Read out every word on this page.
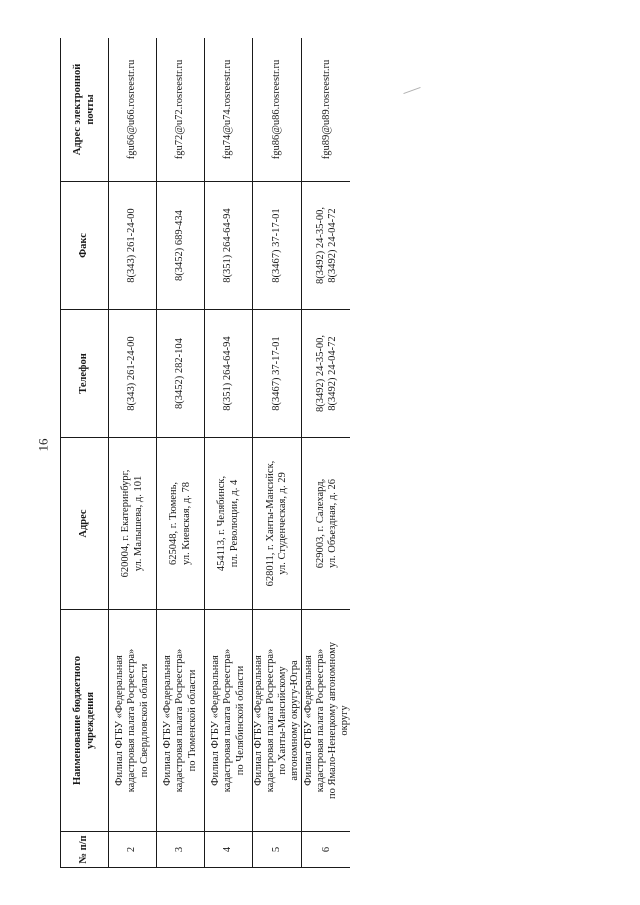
16
№ п/п	Наименование бюджетного
учреждения	Адрес	Телефон	Факс	Адрес электронной
почты
2	Филиал ФГБУ «Федеральная
кадастровая палата Росреестра»
по Свердловской области	620004, г. Екатеринбург,
ул. Малышева, д. 101	8(343) 261-24-00	8(343) 261-24-00	fgu66@u66.rosreestr.ru
3	Филиал ФГБУ «Федеральная
кадастровая палата Росреестра»
по Тюменской области	625048, г. Тюмень,
ул. Киевская, д. 78	8(3452) 282-104	8(3452) 689-434	fgu72@u72.rosreestr.ru
4	Филиал ФГБУ «Федеральная
кадастровая палата Росреестра»
по Челябинской области	454113, г. Челябинск,
пл. Революции, д. 4	8(351) 264-64-94	8(351) 264-64-94	fgu74@u74.rosreestr.ru
5	Филиал ФГБУ «Федеральная
кадастровая палата Росреестра»
по Ханты-Мансийскому
автономному округу-Югра	628011, г. Ханты-Мансийск,
ул. Студенческая, д. 29	8(3467) 37-17-01	8(3467) 37-17-01	fgu86@u86.rosreestr.ru
6	Филиал ФГБУ «Федеральная
кадастровая палата Росреестра»
по Ямало-Ненецкому автономному
округу	629003, г. Салехард,
ул. Объездная, д. 26	8(3492) 24-35-00,
8(3492) 24-04-72	8(3492) 24-35-00,
8(3492) 24-04-72	fgu89@u89.rosreestr.ru
